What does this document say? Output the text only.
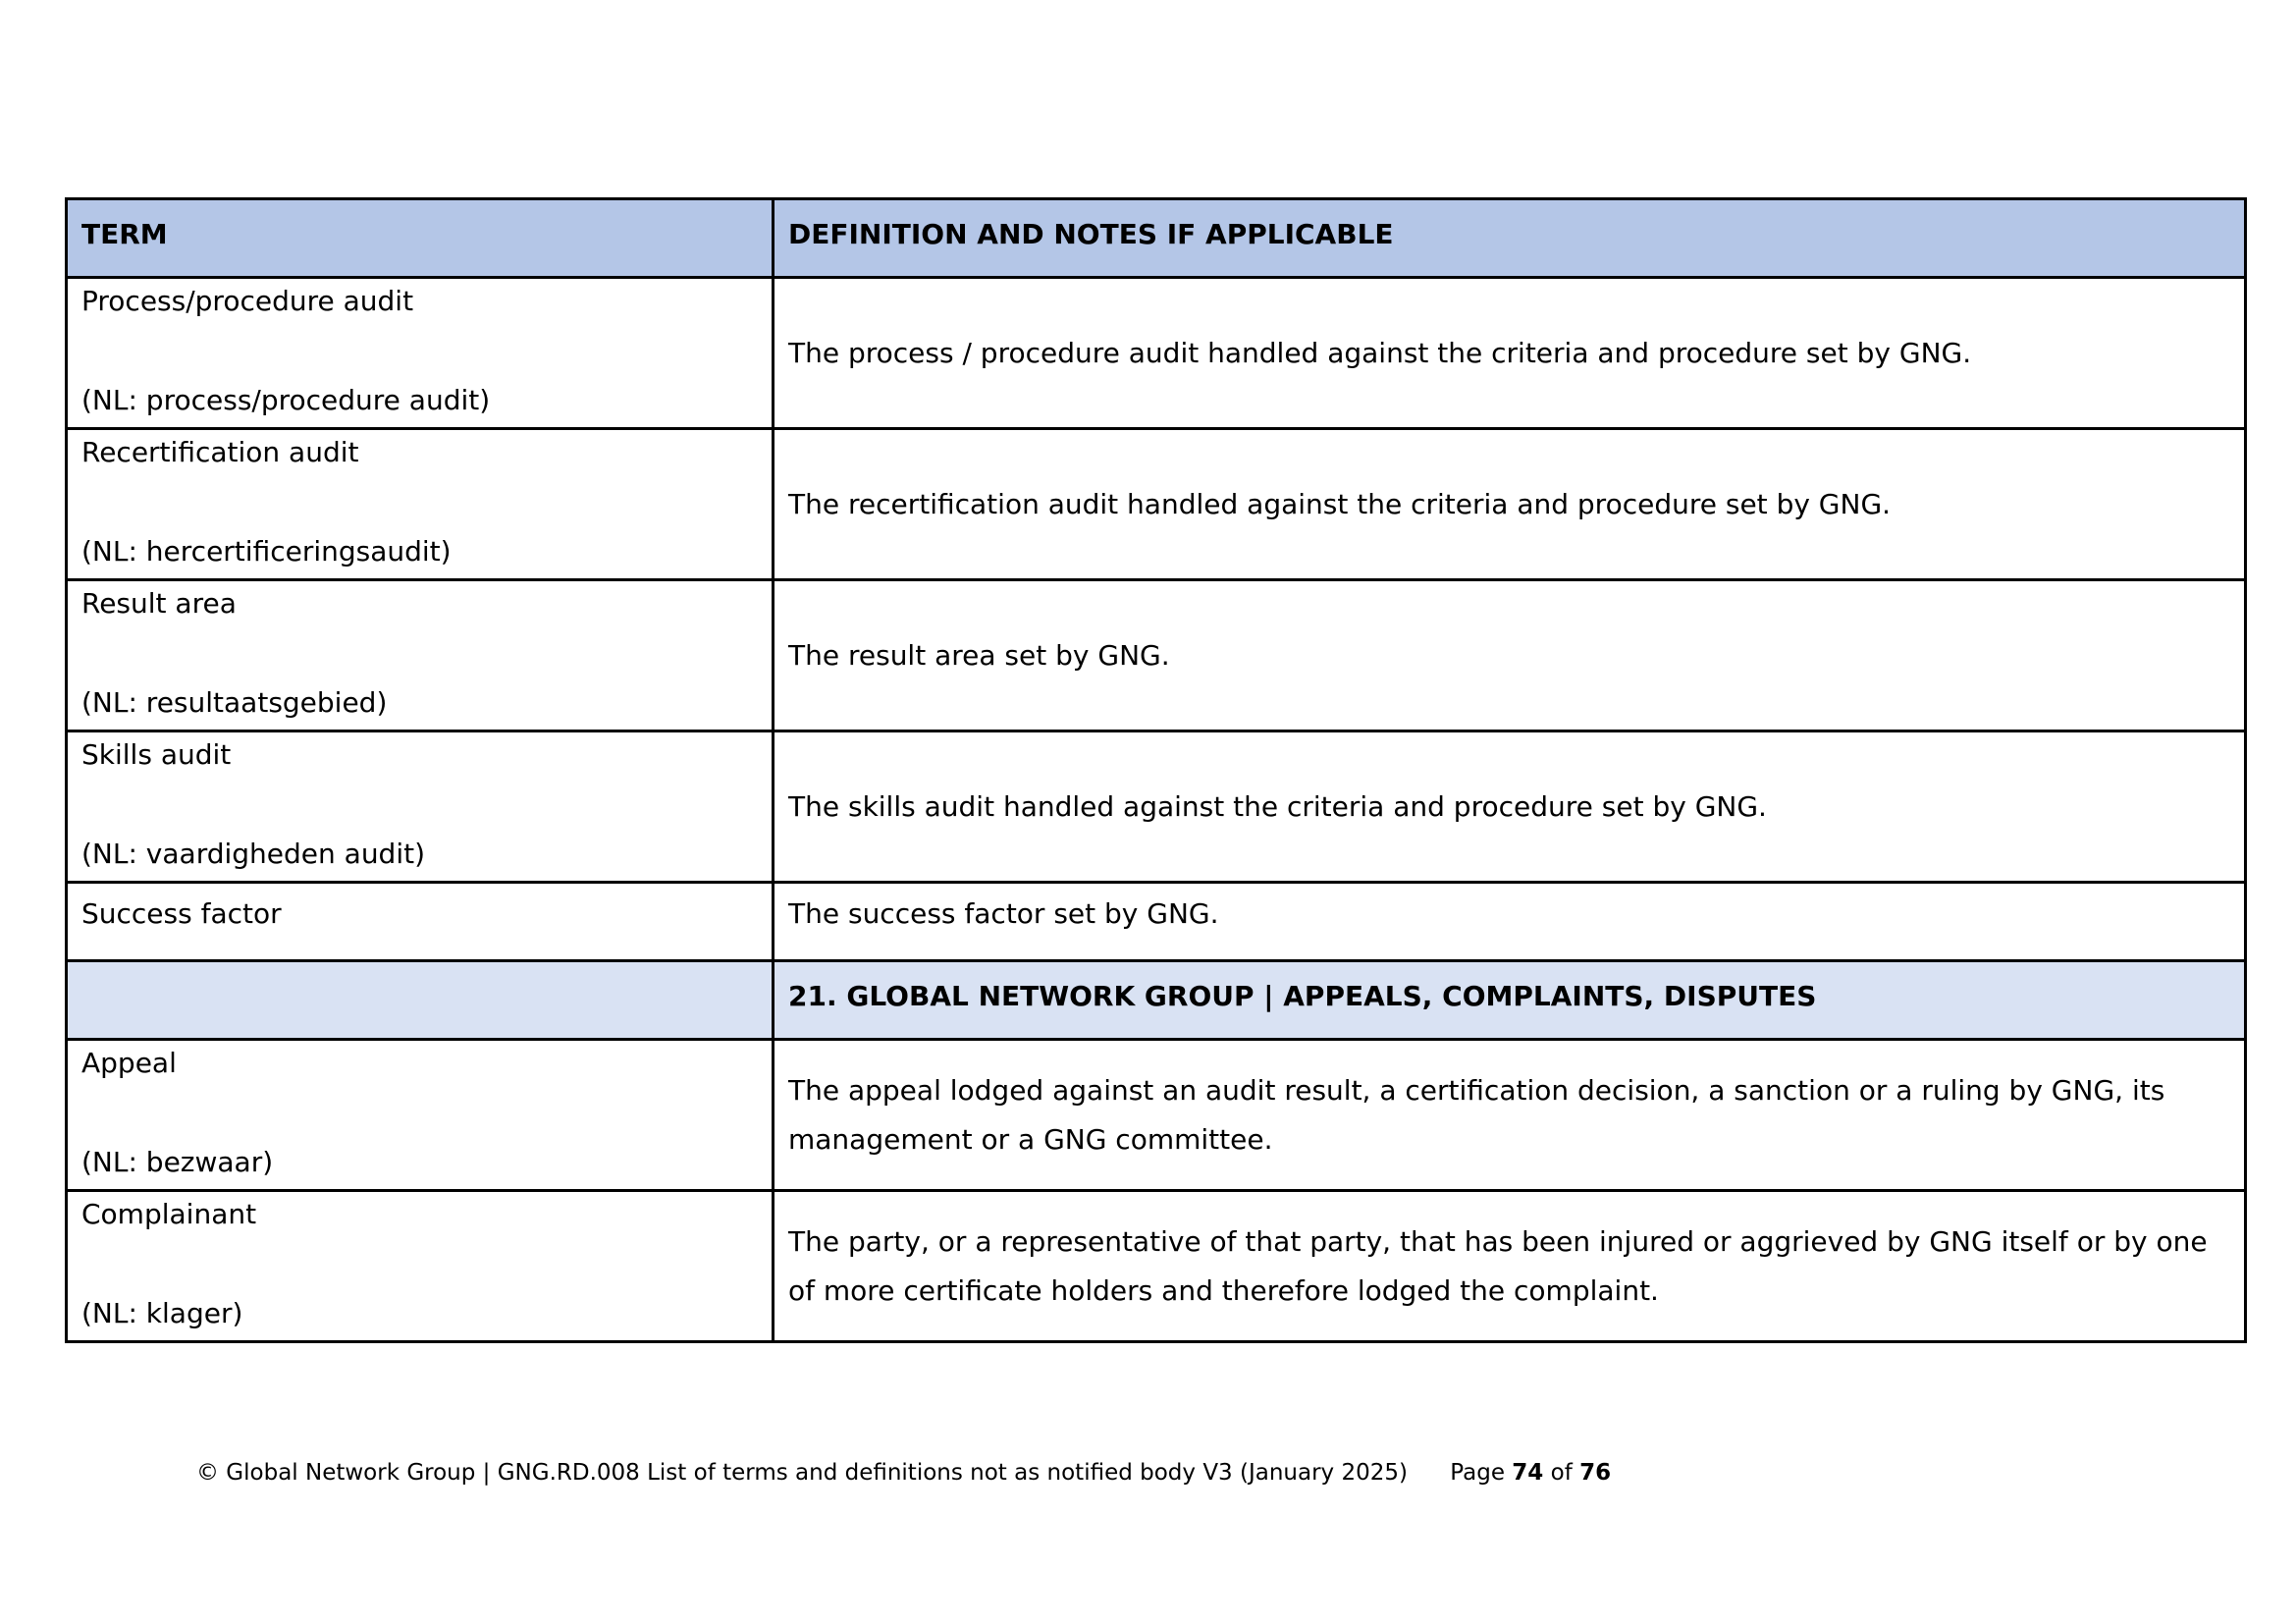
TERM	DEFINITION AND NOTES IF APPLICABLE

Process/procedure audit
(NL: process/procedure audit)	The process / procedure audit handled against the criteria and procedure set by GNG.

Recertification audit
(NL: hercertificeringsaudit)	The recertification audit handled against the criteria and procedure set by GNG.

Result area
(NL: resultaatsgebied)	The result area set by GNG.

Skills audit
(NL: vaardigheden audit)	The skills audit handled against the criteria and procedure set by GNG.
Success factor	The success factor set by GNG.
	21. GLOBAL NETWORK GROUP | APPEALS, COMPLAINTS, DISPUTES

Appeal
(NL: bezwaar)	The appeal lodged against an audit result, a certification decision, a sanction or a ruling by GNG, its
management or a GNG committee.

Complainant
(NL: klager)	The party, or a representative of that party, that has been injured or aggrieved by GNG itself or by one
of more certificate holders and therefore lodged the complaint.
© Global Network Group | GNG.RD.008 List of terms and definitions not as notified body V3 (January 2025) Page 74 of 76
